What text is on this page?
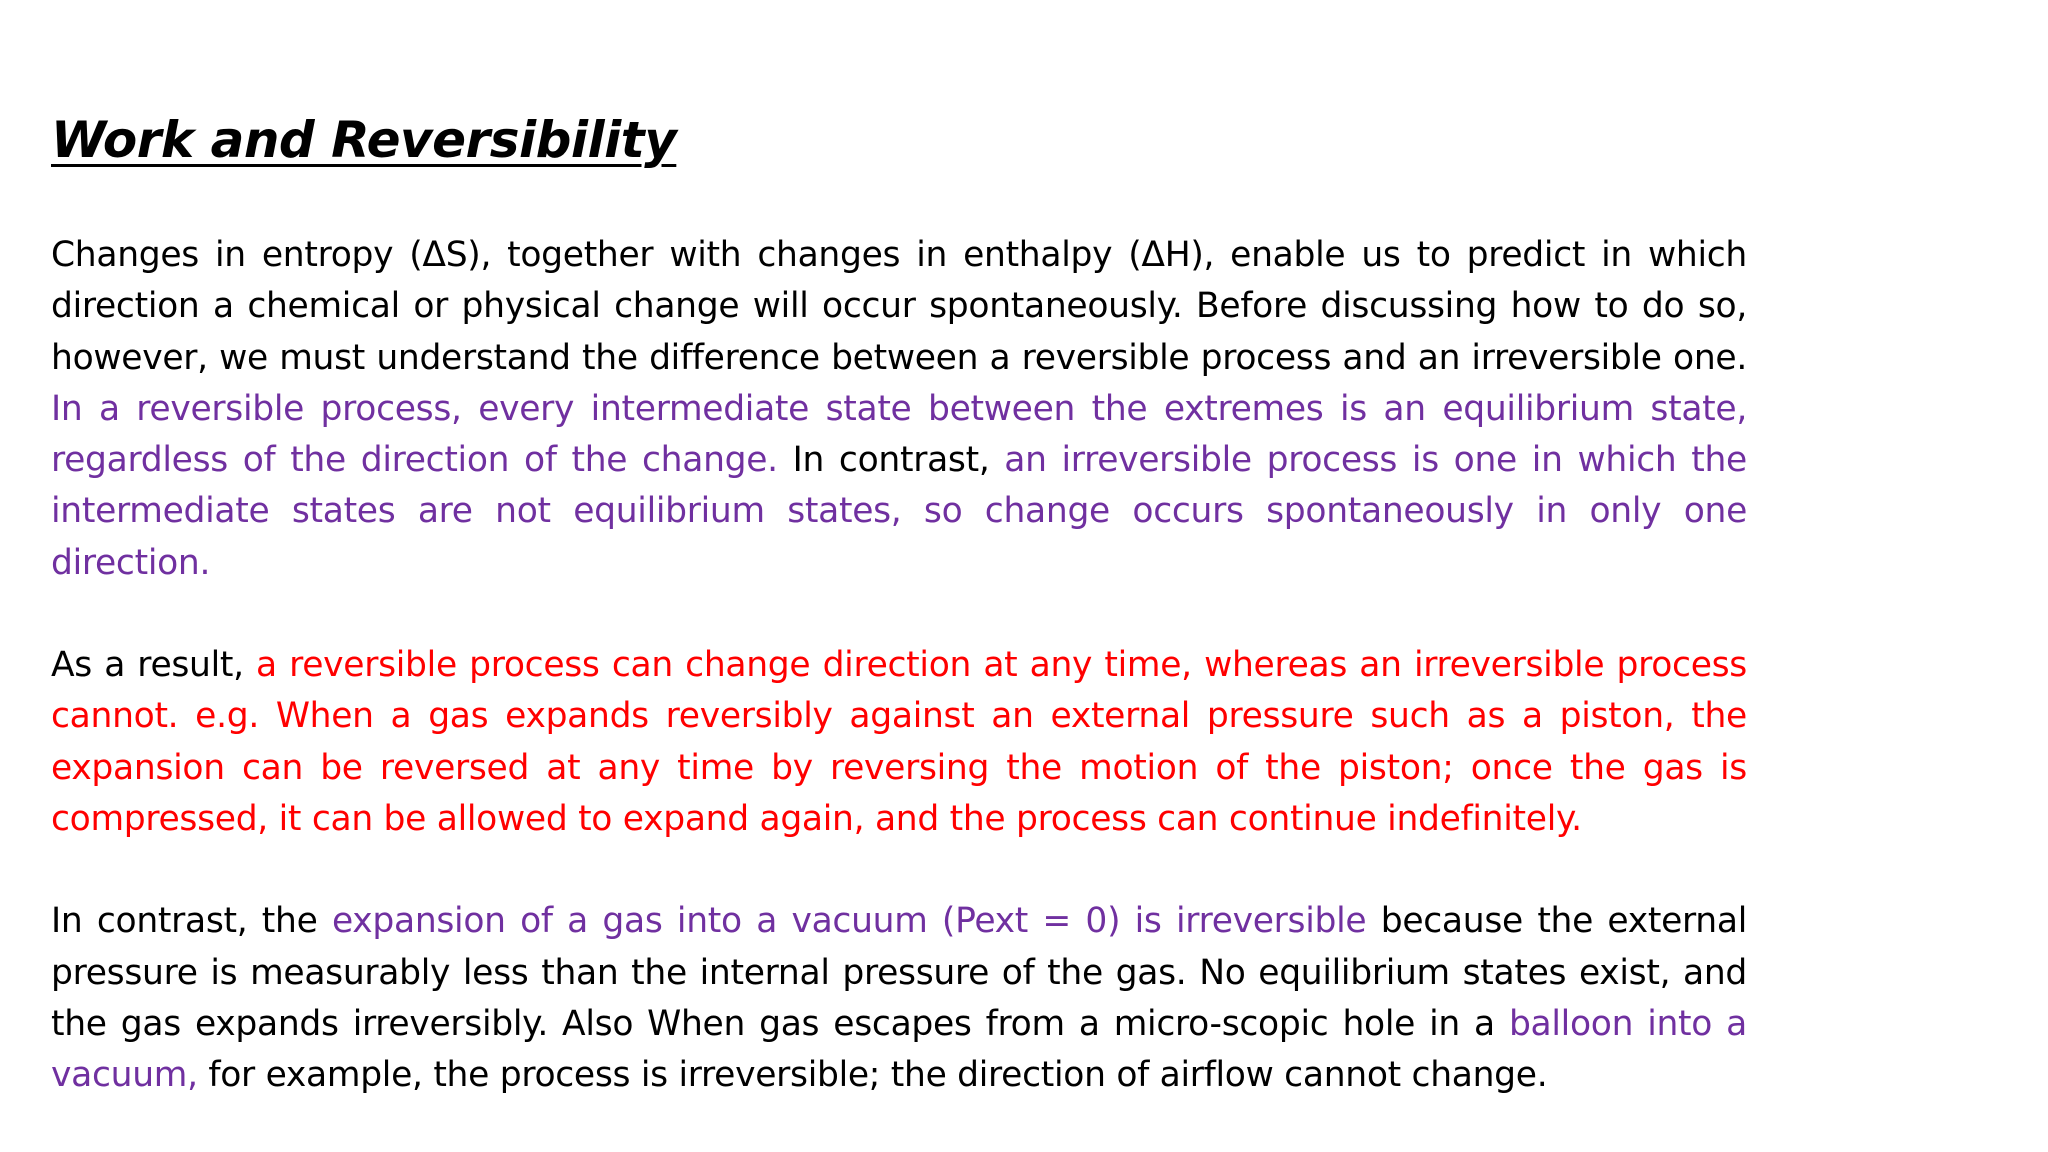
Work and Reversibility

Changes in entropy (ΔS), together with changes in enthalpy (ΔH), enable us to predict in which direction a chemical or physical change will occur spontaneously. Before discussing how to do so, however, we must understand the difference between a reversible process and an irreversible one. In a reversible process, every intermediate state between the extremes is an equilibrium state, regardless of the direction of the change. In contrast, an irreversible process is one in which the intermediate states are not equilibrium states, so change occurs spontaneously in only one direction.

As a result, a reversible process can change direction at any time, whereas an irreversible process cannot. e.g. When a gas expands reversibly against an external pressure such as a piston, the expansion can be reversed at any time by reversing the motion of the piston; once the gas is compressed, it can be allowed to expand again, and the process can continue indefinitely.

In contrast, the expansion of a gas into a vacuum (Pext = 0) is irreversible because the external pressure is measurably less than the internal pressure of the gas. No equilibrium states exist, and the gas expands irreversibly. Also When gas escapes from a micro-scopic hole in a balloon into a vacuum, for example, the process is irreversible; the direction of airflow cannot change.
